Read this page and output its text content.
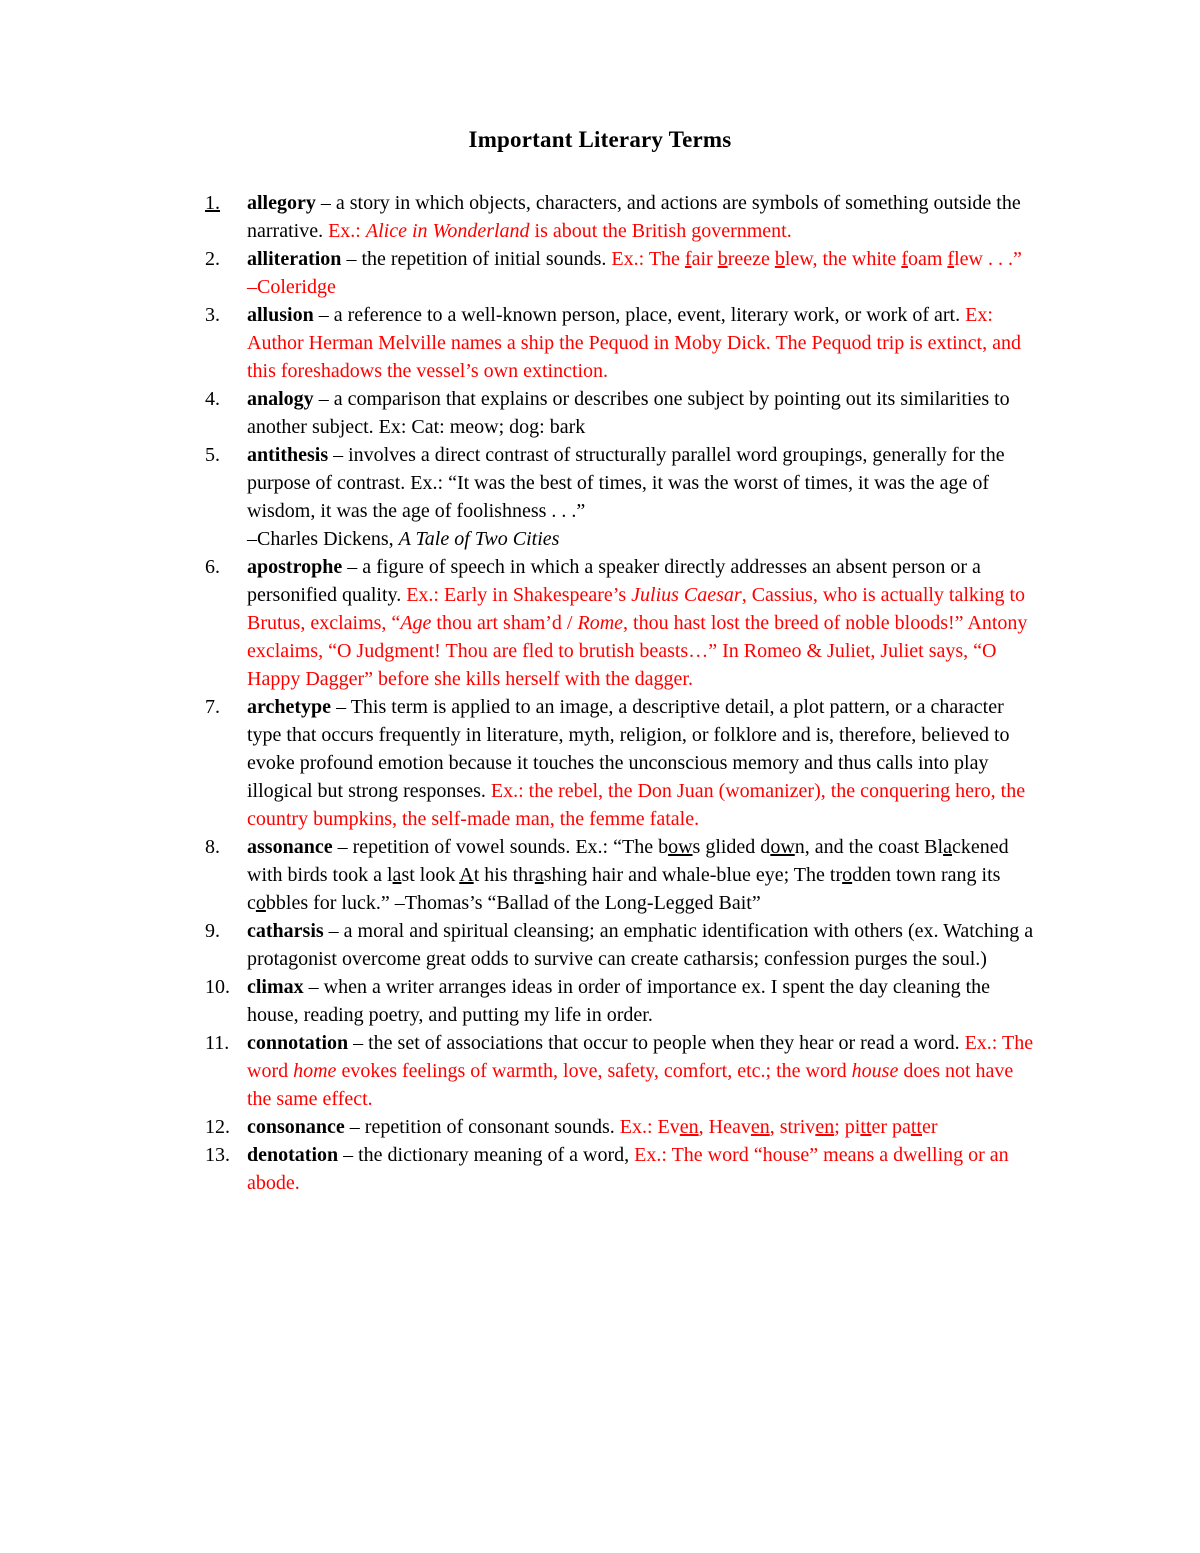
Important Literary Terms
1.	allegory – a story in which objects, characters, and actions are symbols of something outside the narrative. Ex.: Alice in Wonderland is about the British government.
2.	alliteration – the repetition of initial sounds. Ex.: The fair breeze blew, the white foam flew . . .” –Coleridge
3.	allusion – a reference to a well-known person, place, event, literary work, or work of art. Ex: Author Herman Melville names a ship the Pequod in Moby Dick. The Pequod trip is extinct, and this foreshadows the vessel’s own extinction.
4.	analogy – a comparison that explains or describes one subject by pointing out its similarities to another subject. Ex: Cat: meow; dog: bark
5.	antithesis – involves a direct contrast of structurally parallel word groupings, generally for the purpose of contrast. Ex.: “It was the best of times, it was the worst of times, it was the age of wisdom, it was the age of foolishness . . .”
–Charles Dickens, A Tale of Two Cities
6.	apostrophe – a figure of speech in which a speaker directly addresses an absent person or a personified quality. Ex.: Early in Shakespeare’s Julius Caesar, Cassius, who is actually talking to Brutus, exclaims, “Age thou art sham’d / Rome, thou hast lost the breed of noble bloods!” Antony exclaims, “O Judgment! Thou are fled to brutish beasts…” In Romeo & Juliet, Juliet says, “O Happy Dagger” before she kills herself with the dagger.
7.	archetype – This term is applied to an image, a descriptive detail, a plot pattern, or a character type that occurs frequently in literature, myth, religion, or folklore and is, therefore, believed to evoke profound emotion because it touches the unconscious memory and thus calls into play illogical but strong responses. Ex.: the rebel, the Don Juan (womanizer), the conquering hero, the country bumpkins, the self-made man, the femme fatale.
8.	assonance – repetition of vowel sounds. Ex.: “The bows glided down, and the coast Blackened with birds took a last look At his thrashing hair and whale-blue eye; The trodden town rang its cobbles for luck.” –Thomas’s “Ballad of the Long-Legged Bait”
9.	catharsis – a moral and spiritual cleansing; an emphatic identification with others (ex. Watching a protagonist overcome great odds to survive can create catharsis; confession purges the soul.)
10. climax – when a writer arranges ideas in order of importance ex. I spent the day cleaning the house, reading poetry, and putting my life in order.
11. connotation – the set of associations that occur to people when they hear or read a word. Ex.: The word home evokes feelings of warmth, love, safety, comfort, etc.; the word house does not have the same effect.
12. consonance – repetition of consonant sounds. Ex.: Even, Heaven, striven; pitter patter
13. denotation – the dictionary meaning of a word, Ex.: The word “house” means a dwelling or an abode.
